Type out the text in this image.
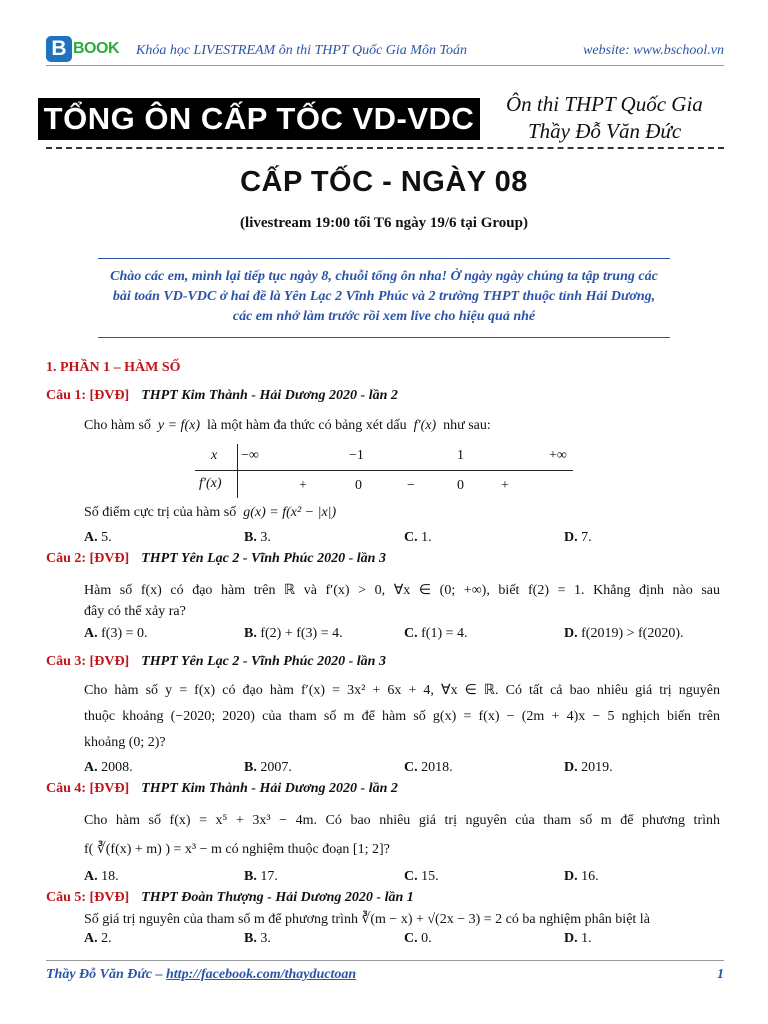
B BOOK Khóa học LIVESTREAM ôn thi THPT Quốc Gia Môn Toán	website: www.bschool.vn
TỔNG ÔN CẤP TỐC VD-VDC Ôn thi THPT Quốc Gia
Thầy Đỗ Văn Đức
CẤP TỐC - NGÀY 08
(livestream 19:00 tối T6 ngày 19/6 tại Group)
Chào các em, mình lại tiếp tục ngày 8, chuỗi tổng ôn nha! Ở ngày ngày chúng ta tập trung các bài toán VD-VDC ở hai đề là Yên Lạc 2 Vĩnh Phúc và 2 trường THPT thuộc tỉnh Hải Dương, các em nhớ làm trước rồi xem live cho hiệu quả nhé
1. PHẦN 1 – HÀM SỐ
Câu 1: [ĐVĐ] THPT Kim Thành - Hải Dương 2020 - lần 2
Cho hàm số y = f(x) là một hàm đa thức có bảng xét dấu f′(x) như sau:
x −∞	−1	1	+∞
f′(x)	+	0	−	0	+
Số điểm cực trị của hàm số g(x) = f(x² − |x|)
A. 5.	B. 3.	C. 1.	D. 7.
Câu 2: [ĐVĐ] THPT Yên Lạc 2 - Vĩnh Phúc 2020 - lần 3
Hàm số f(x) có đạo hàm trên ℝ và f′(x) > 0, ∀x ∈ (0; +∞), biết f(2) = 1. Khẳng định nào sau
đây có thể xảy ra?
A. f(3) = 0.	B. f(2) + f(3) = 4.	C. f(1) = 4.	D. f(2019) > f(2020).
Câu 3: [ĐVĐ] THPT Yên Lạc 2 - Vĩnh Phúc 2020 - lần 3
Cho hàm số y = f(x) có đạo hàm f′(x) = 3x² + 6x + 4, ∀x ∈ ℝ. Có tất cả bao nhiêu giá trị nguyên
thuộc khoảng (−2020; 2020) của tham số m để hàm số g(x) = f(x) − (2m + 4)x − 5 nghịch biến trên
khoảng (0; 2)?
A. 2008.	B. 2007.	C. 2018.	D. 2019.
Câu 4: [ĐVĐ] THPT Kim Thành - Hải Dương 2020 - lần 2
Cho hàm số f(x) = x⁵ + 3x³ − 4m. Có bao nhiêu giá trị nguyên của tham số m để phương trình
f( ∛(f(x) + m) ) = x³ − m có nghiệm thuộc đoạn [1; 2]?
A. 18.	B. 17.	C. 15.	D. 16.
Câu 5: [ĐVĐ] THPT Đoàn Thượng - Hải Dương 2020 - lần 1
Số giá trị nguyên của tham số m để phương trình ∛(m − x) + √(2x − 3) = 2 có ba nghiệm phân biệt là
A. 2.	B. 3.	C. 0.	D. 1.
Thầy Đỗ Văn Đức – http://facebook.com/thayductoan	1
